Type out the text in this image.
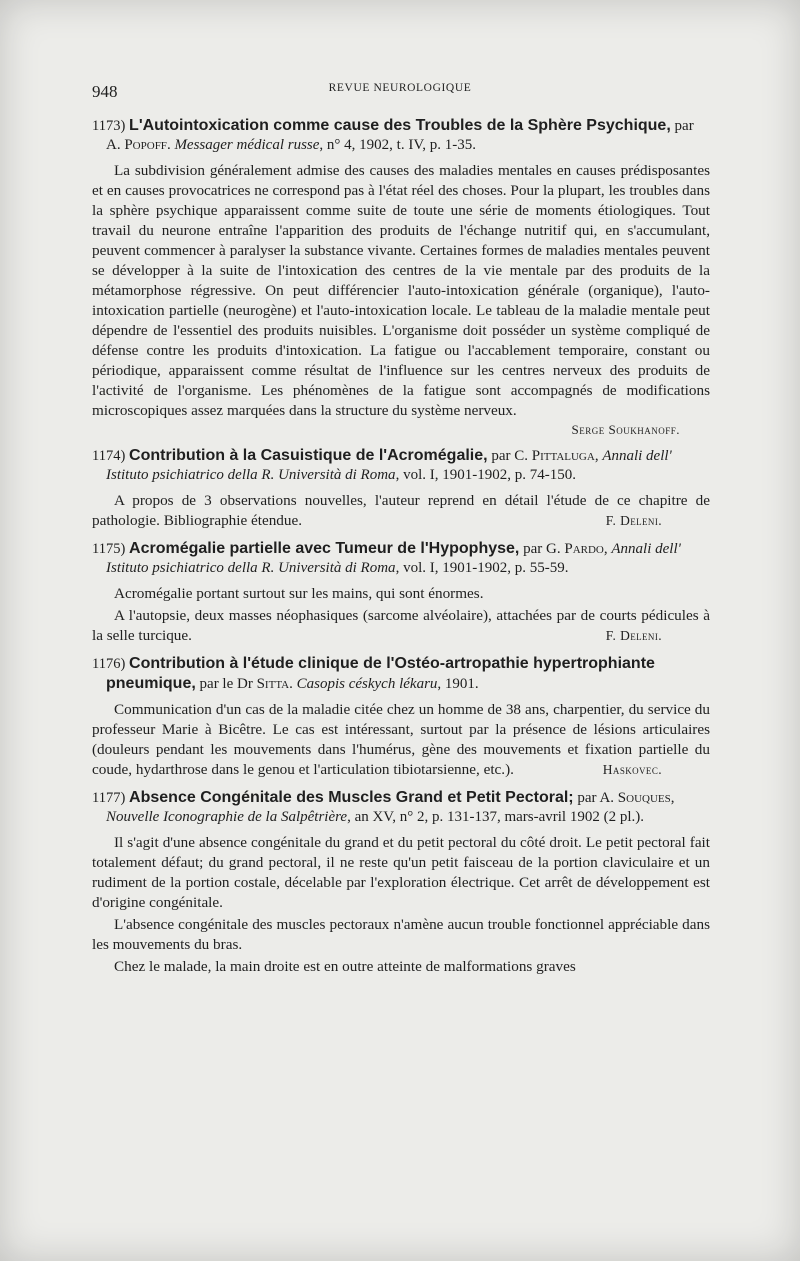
948	REVUE NEUROLOGIQUE
1173) L'Autointoxication comme cause des Troubles de la Sphère Psychique, par A. Popoff. Messager médical russe, n° 4, 1902, t. IV, p. 1-35.

La subdivision généralement admise des causes des maladies mentales en causes prédisposantes et en causes provocatrices ne correspond pas à l'état réel des choses. Pour la plupart, les troubles dans la sphère psychique apparaissent comme suite de toute une série de moments étiologiques. Tout travail du neurone entraîne l'apparition des produits de l'échange nutritif qui, en s'accumulant, peuvent commencer à paralyser la substance vivante. Certaines formes de maladies mentales peuvent se développer à la suite de l'intoxication des centres de la vie mentale par des produits de la métamorphose régressive. On peut différencier l'auto-intoxication générale (organique), l'auto-intoxication partielle (neurogène) et l'auto-intoxication locale. Le tableau de la maladie mentale peut dépendre de l'essentiel des produits nuisibles. L'organisme doit posséder un système compliqué de défense contre les produits d'intoxication. La fatigue ou l'accablement temporaire, constant ou périodique, apparaissent comme résultat de l'influence sur les centres nerveux des produits de l'activité de l'organisme. Les phénomènes de la fatigue sont accompagnés de modifications microscopiques assez marquées dans la structure du système nerveux.

Serge Soukhanoff.
1174) Contribution à la Casuistique de l'Acromégalie, par C. Pittaluga, Annali dell' Istituto psichiatrico della R. Università di Roma, vol. I, 1901-1902, p. 74-150.

A propos de 3 observations nouvelles, l'auteur reprend en détail l'étude de ce chapitre de pathologie. Bibliographie étendue.	F. Deleni.

1175) Acromégalie partielle avec Tumeur de l'Hypophyse, par G. Pardo, Annali dell' Istituto psichiatrico della R. Università di Roma, vol. I, 1901-1902, p. 55-59.

Acromégalie portant surtout sur les mains, qui sont énormes.

A l'autopsie, deux masses néophasiques (sarcome alvéolaire), attachées par de courts pédicules à la selle turcique.	F. Deleni.

1176) Contribution à l'étude clinique de l'Ostéo-artropathie hypertrophiante pneumique, par le Dr Sitta. Casopis céskych lékaru, 1901.

Communication d'un cas de la maladie citée chez un homme de 38 ans, charpentier, du service du professeur Marie à Bicêtre. Le cas est intéressant, surtout par la présence de lésions articulaires (douleurs pendant les mouvements dans l'humérus, gène des mouvements et fixation partielle du coude, hydarthrose dans le genou et l'articulation tibiotarsienne, etc.).	Haskovec.

1177) Absence Congénitale des Muscles Grand et Petit Pectoral; par A. Souques, Nouvelle Iconographie de la Salpêtrière, an XV, n° 2, p. 131-137, mars-avril 1902 (2 pl.).

Il s'agit d'une absence congénitale du grand et du petit pectoral du côté droit. Le petit pectoral fait totalement défaut; du grand pectoral, il ne reste qu'un petit faisceau de la portion claviculaire et un rudiment de la portion costale, décelable par l'exploration électrique. Cet arrêt de développement est d'origine congénitale.

L'absence congénitale des muscles pectoraux n'amène aucun trouble fonctionnel appréciable dans les mouvements du bras.

Chez le malade, la main droite est en outre atteinte de malformations graves
